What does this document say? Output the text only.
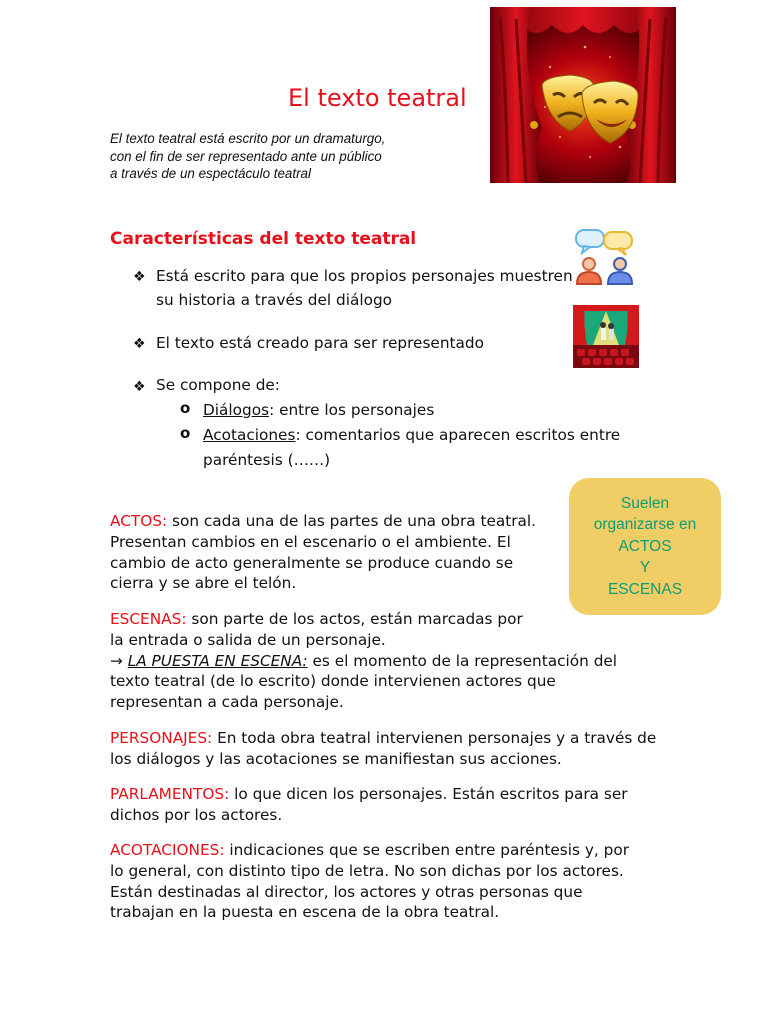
El texto teatral
El texto teatral está escrito por un dramaturgo,
con el fin de ser representado ante un público
a través de un espectáculo teatral
Características del texto teatral
❖ Está escrito para que los propios personajes muestren
su historia a través del diálogo
❖ El texto está creado para ser representado
❖ Se compone de:
o Diálogos: entre los personajes
o Acotaciones: comentarios que aparecen escritos entre
paréntesis (……)
Suelen
organizarse en
ACTOS
Y
ESCENAS
ACTOS: son cada una de las partes de una obra teatral. Presentan cambios en el escenario o el ambiente. El cambio de acto generalmente se produce cuando se cierra y se abre el telón.
ESCENAS: son parte de los actos, están marcadas por la entrada o salida de un personaje.
→ LA PUESTA EN ESCENA: es el momento de la representación del texto teatral (de lo escrito) donde intervienen actores que representan a cada personaje.
PERSONAJES: En toda obra teatral intervienen personajes y a través de los diálogos y las acotaciones se manifiestan sus acciones.
PARLAMENTOS: lo que dicen los personajes. Están escritos para ser dichos por los actores.
ACOTACIONES: indicaciones que se escriben entre paréntesis y, por lo general, con distinto tipo de letra. No son dichas por los actores. Están destinadas al director, los actores y otras personas que trabajan en la puesta en escena de la obra teatral.
